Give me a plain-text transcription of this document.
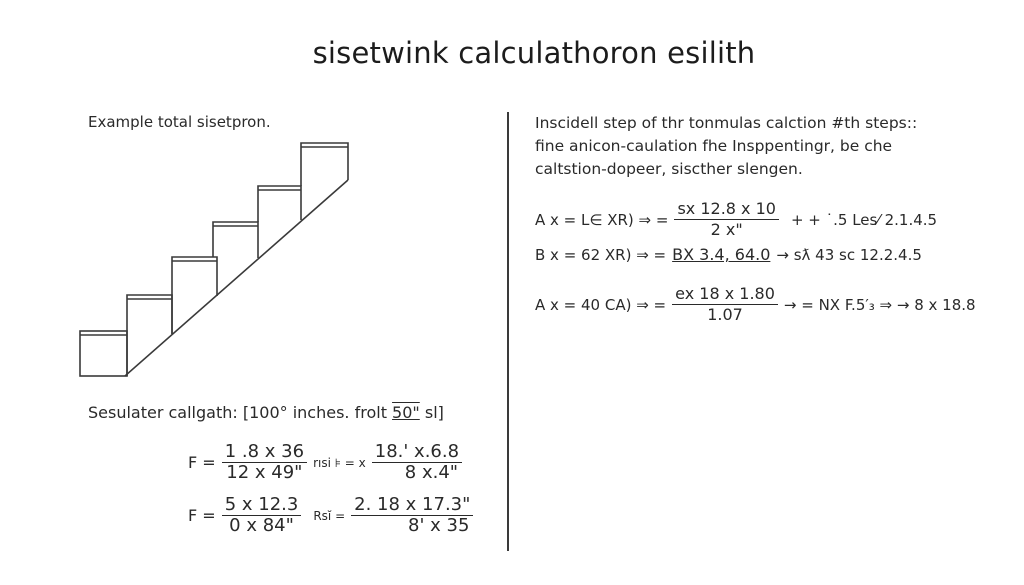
sisetwink calculathoron esilith
Example total sisetpron.
Sesulater callgath: [100° inches. frolt 50" sl]
$F = \frac{1 .8 x 36}{12 x 49"}$ rısi ⊧ = x $\frac{18.' x.6.8}{8 x.4"}$
$F = \frac{5 x 12.3}{0 x 84"}$ Rsĭ = $\frac{2. 18 x 17.3"}{8' x 35}$
Inscidell step of thr tonmulas calction #th steps::
fine anicon-caulation fhe Insppentingr, be che
caltstion-dopeer, siscther slengen.
A x = L∈ XR) ⇒ = $\frac{sx 12.8 x 10}{2 x"}$ + + ˙.5 Les⁄ 2.1.4.5
B x = 62 XR) ⇒ = BX 3.4, 64.0 → sƛ 43 sc 12.2.4.5
A x = 40 CA) ⇒ = $\frac{ex 18 x 1.80}{1.07}$ → = NX F.5′₃ ⇒ → 8 x 18.8
